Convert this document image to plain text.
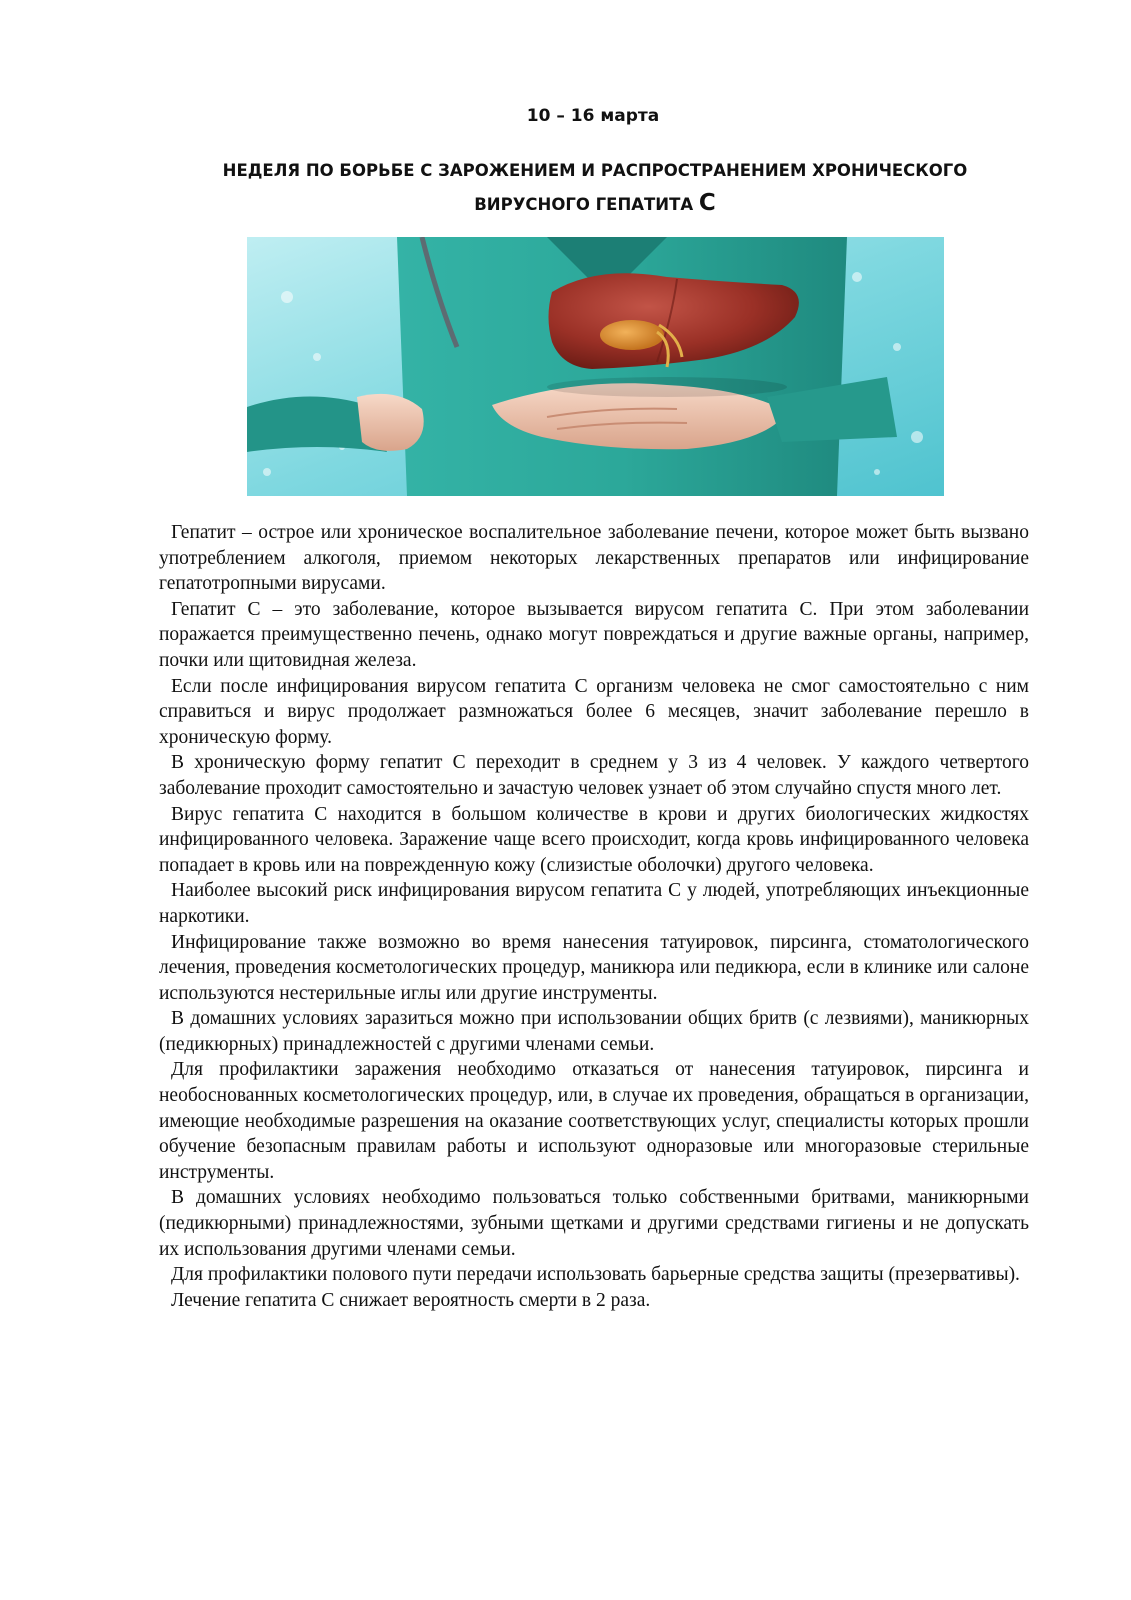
10 – 16 марта
НЕДЕЛЯ ПО БОРЬБЕ С ЗАРОЖЕНИЕМ И РАСПРОСТРАНЕНИЕМ ХРОНИЧЕСКОГО ВИРУСНОГО ГЕПАТИТА С

Гепатит – острое или хроническое воспалительное заболевание печени, которое может быть вызвано употреблением алкоголя, приемом некоторых лекарственных препаратов или инфицирование гепатотропными вирусами.

Гепатит С – это заболевание, которое вызывается вирусом гепатита С. При этом заболевании поражается преимущественно печень, однако могут повреждаться и другие важные органы, например, почки или щитовидная железа.

Если после инфицирования вирусом гепатита С организм человека не смог самостоятельно с ним справиться и вирус продолжает размножаться более 6 месяцев, значит заболевание перешло в хроническую форму.

В хроническую форму гепатит С переходит в среднем у 3 из 4 человек. У каждого четвертого заболевание проходит самостоятельно и зачастую человек узнает об этом случайно спустя много лет.

Вирус гепатита С находится в большом количестве в крови и других биологических жидкостях инфицированного человека. Заражение чаще всего происходит, когда кровь инфицированного человека попадает в кровь или на поврежденную кожу (слизистые оболочки) другого человека.

Наиболее высокий риск инфицирования вирусом гепатита С у людей, употребляющих инъекционные наркотики.

Инфицирование также возможно во время нанесения татуировок, пирсинга, стоматологического лечения, проведения косметологических процедур, маникюра или педикюра, если в клинике или салоне используются нестерильные иглы или другие инструменты.

В домашних условиях заразиться можно при использовании общих бритв (с лезвиями), маникюрных (педикюрных) принадлежностей с другими членами семьи.

Для профилактики заражения необходимо отказаться от нанесения татуировок, пирсинга и необоснованных косметологических процедур, или, в случае их проведения, обращаться в организации, имеющие необходимые разрешения на оказание соответствующих услуг, специалисты которых прошли обучение безопасным правилам работы и используют одноразовые или многоразовые стерильные инструменты.

В домашних условиях необходимо пользоваться только собственными бритвами, маникюрными (педикюрными) принадлежностями, зубными щетками и другими средствами гигиены и не допускать их использования другими членами семьи.

Для профилактики полового пути передачи использовать барьерные средства защиты (презервативы).

Лечение гепатита С снижает вероятность смерти в 2 раза.
